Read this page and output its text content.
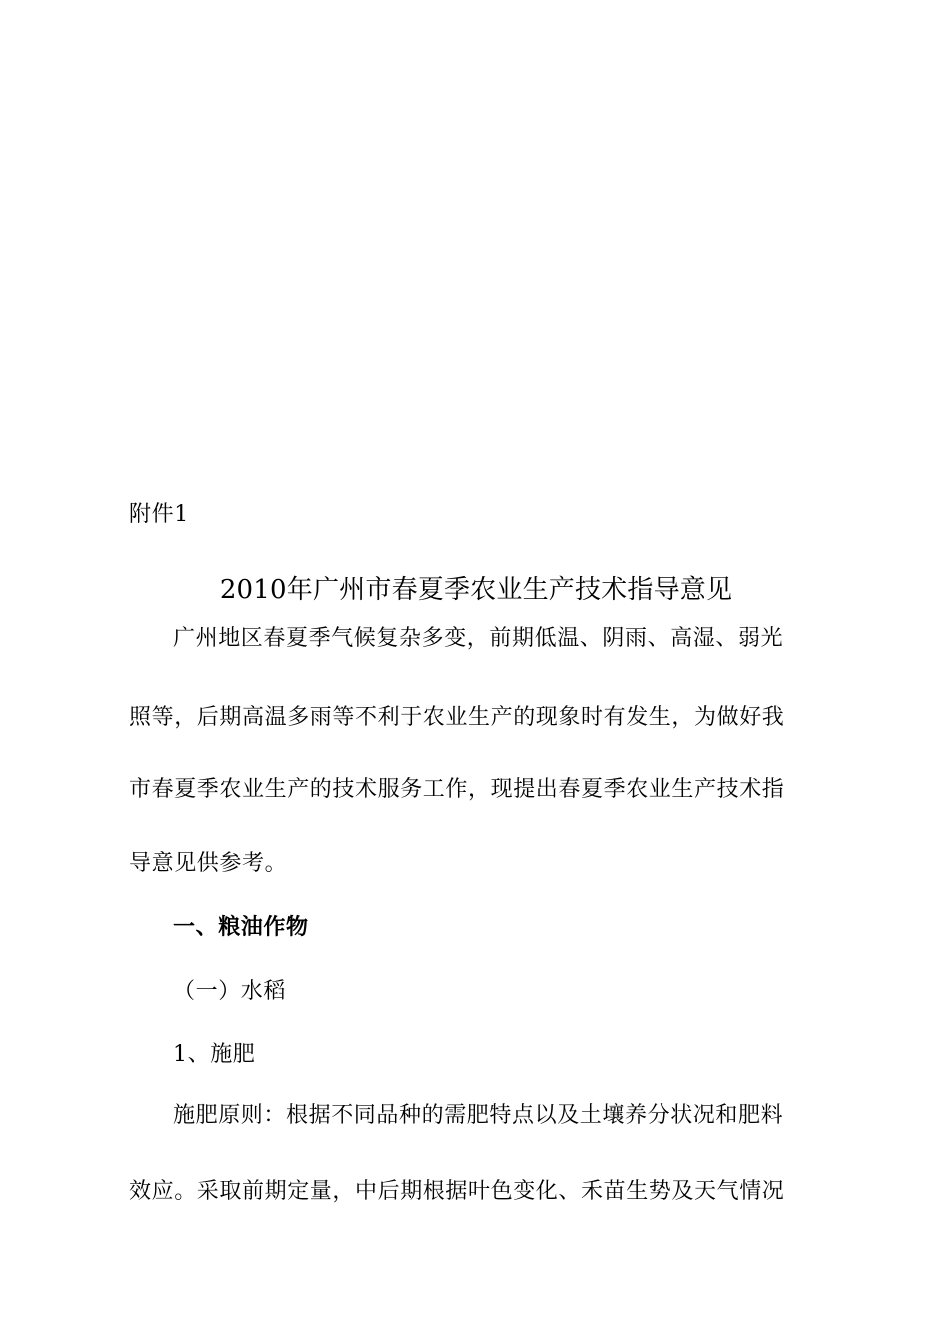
附件1
2010年广州市春夏季农业生产技术指导意见
广州地区春夏季气候复杂多变，前期低温、阴雨、高湿、弱光
照等，后期高温多雨等不利于农业生产的现象时有发生，为做好我
市春夏季农业生产的技术服务工作，现提出春夏季农业生产技术指
导意见供参考。
一、粮油作物
（一）水稻
1、施肥
施肥原则：根据不同品种的需肥特点以及土壤养分状况和肥料
效应。采取前期定量，中后期根据叶色变化、禾苗生势及天气情况
